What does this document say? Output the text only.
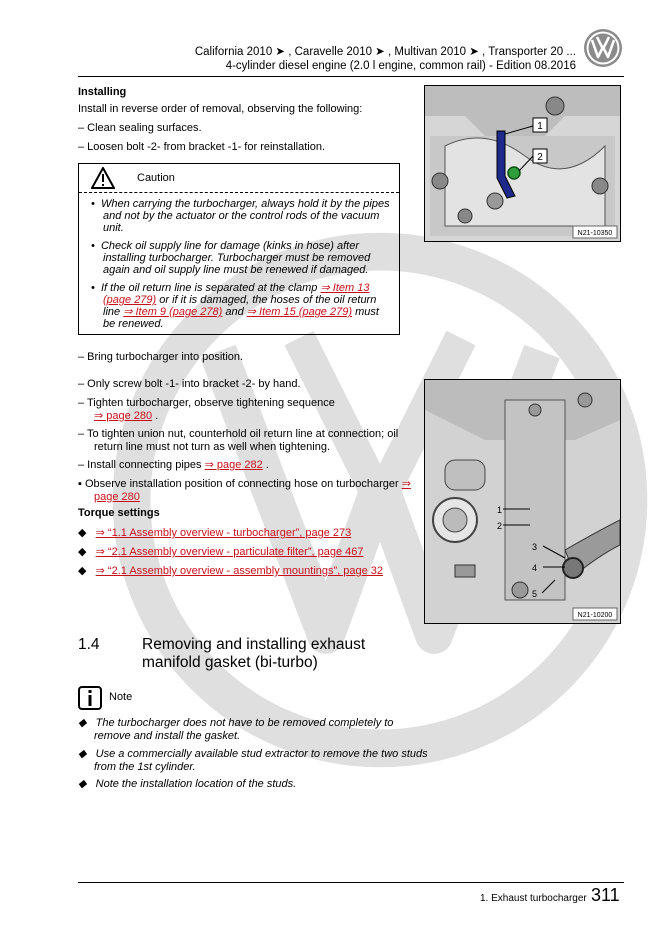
California 2010 ➤ , Caravelle 2010 ➤ , Multivan 2010 ➤ , Transporter 20 ...
4-cylinder diesel engine (2.0 l engine, common rail) - Edition 08.2016
Installing
Install in reverse order of removal, observing the following:
– Clean sealing surfaces.
– Loosen bolt -2- from bracket -1- for reinstallation.
Caution
•  When carrying the turbocharger, always hold it by the pipes and not by the actuator or the control rods of the vacuum unit.
•  Check oil supply line for damage (kinks in hose) after installing turbocharger. Turbocharger must be removed again and oil supply line must be renewed if damaged.
•  If the oil return line is separated at the clamp ⇒ Item 13 (page 279) or if it is damaged, the hoses of the oil return line ⇒ Item 9 (page 278) and ⇒ Item 15 (page 279) must be renewed.
– Bring turbocharger into position.
– Only screw bolt -1- into bracket -2- by hand.
– Tighten turbocharger, observe tightening sequence
⇒ page 280 .
– To tighten union nut, counterhold oil return line at connection; oil return line must not turn as well when tightening.
– Install connecting pipes ⇒ page 282 .
▪ Observe installation position of connecting hose on turbocharger ⇒ page 280
Torque settings
◆   ⇒ “1.1 Assembly overview - turbocharger”, page 273
◆   ⇒ “2.1 Assembly overview - particulate filter”, page 467
◆   ⇒ “2.1 Assembly overview - assembly mountings”, page 32
1.4	Removing and installing exhaust manifold gasket (bi-turbo)
Note
◆   The turbocharger does not have to be removed completely to remove and install the gasket.
◆   Use a commercially available stud extractor to remove the two studs from the 1st cylinder.
◆   Note the installation location of the studs.
1
2
N21-10350
1
2
3
4
5
N21-10200
1. Exhaust turbocharger 311
